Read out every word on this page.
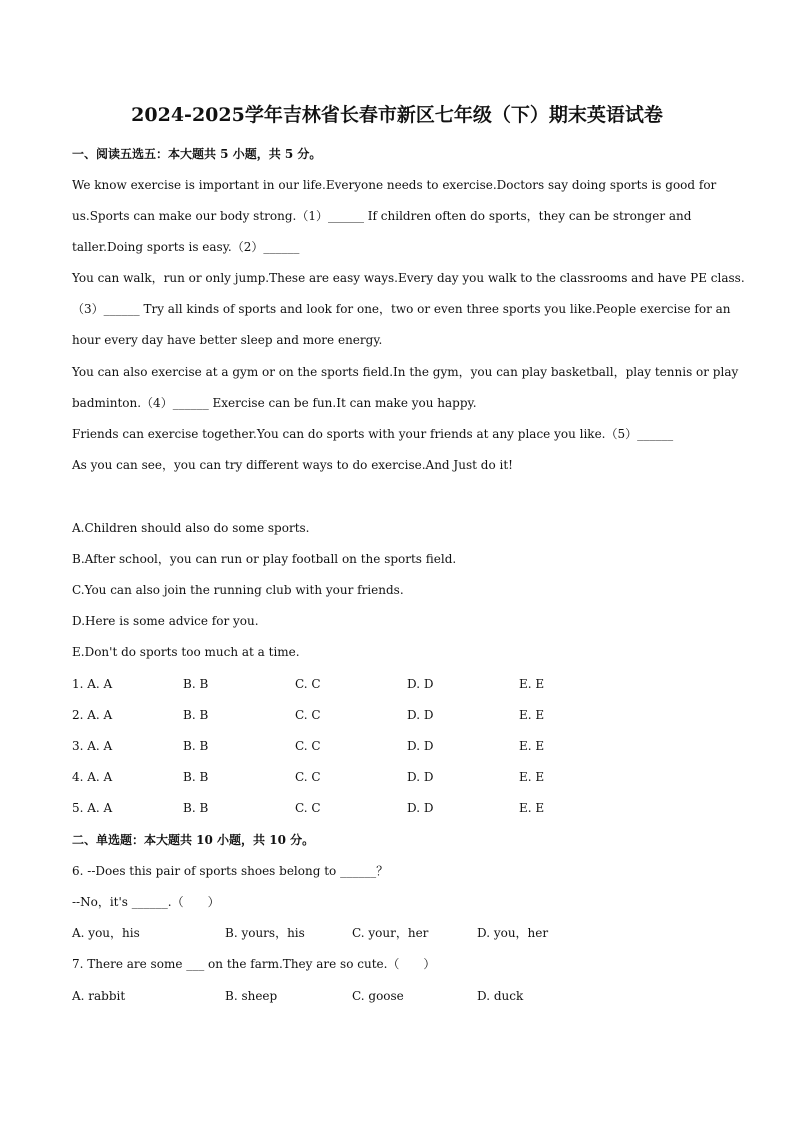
2024-2025学年吉林省长春市新区七年级（下）期末英语试卷
一、阅读五选五：本大题共 5 小题，共 5 分。
We know exercise is important in our life.Everyone needs to exercise.Doctors say doing sports is good for
us.Sports can make our body strong.（1）______ If children often do sports，they can be stronger and
taller.Doing sports is easy.（2）______
You can walk，run or only jump.These are easy ways.Every day you walk to the classrooms and have PE class.
（3）______ Try all kinds of sports and look for one，two or even three sports you like.People exercise for an
hour every day have better sleep and more energy.
You can also exercise at a gym or on the sports field.In the gym，you can play basketball，play tennis or play
badminton.（4）______ Exercise can be fun.It can make you happy.
Friends can exercise together.You can do sports with your friends at any place you like.（5）______
As you can see，you can try different ways to do exercise.And Just do it!
A.Children should also do some sports.
B.After school，you can run or play football on the sports field.
C.You can also join the running club with your friends.
D.Here is some advice for you.
E.Don't do sports too much at a time.
1. A. A	B. B	C. C	D. D	E. E
2. A. A	B. B	C. C	D. D	E. E
3. A. A	B. B	C. C	D. D	E. E
4. A. A	B. B	C. C	D. D	E. E
5. A. A	B. B	C. C	D. D	E. E
二、单选题：本大题共 10 小题，共 10 分。
6. --Does this pair of sports shoes belong to ______？
--No，it's ______.（　　）
A. you，his	B. yours，his	C. your，her	D. you，her
7. There are some ___ on the farm.They are so cute.（　　）
A. rabbit	B. sheep	C. goose	D. duck
